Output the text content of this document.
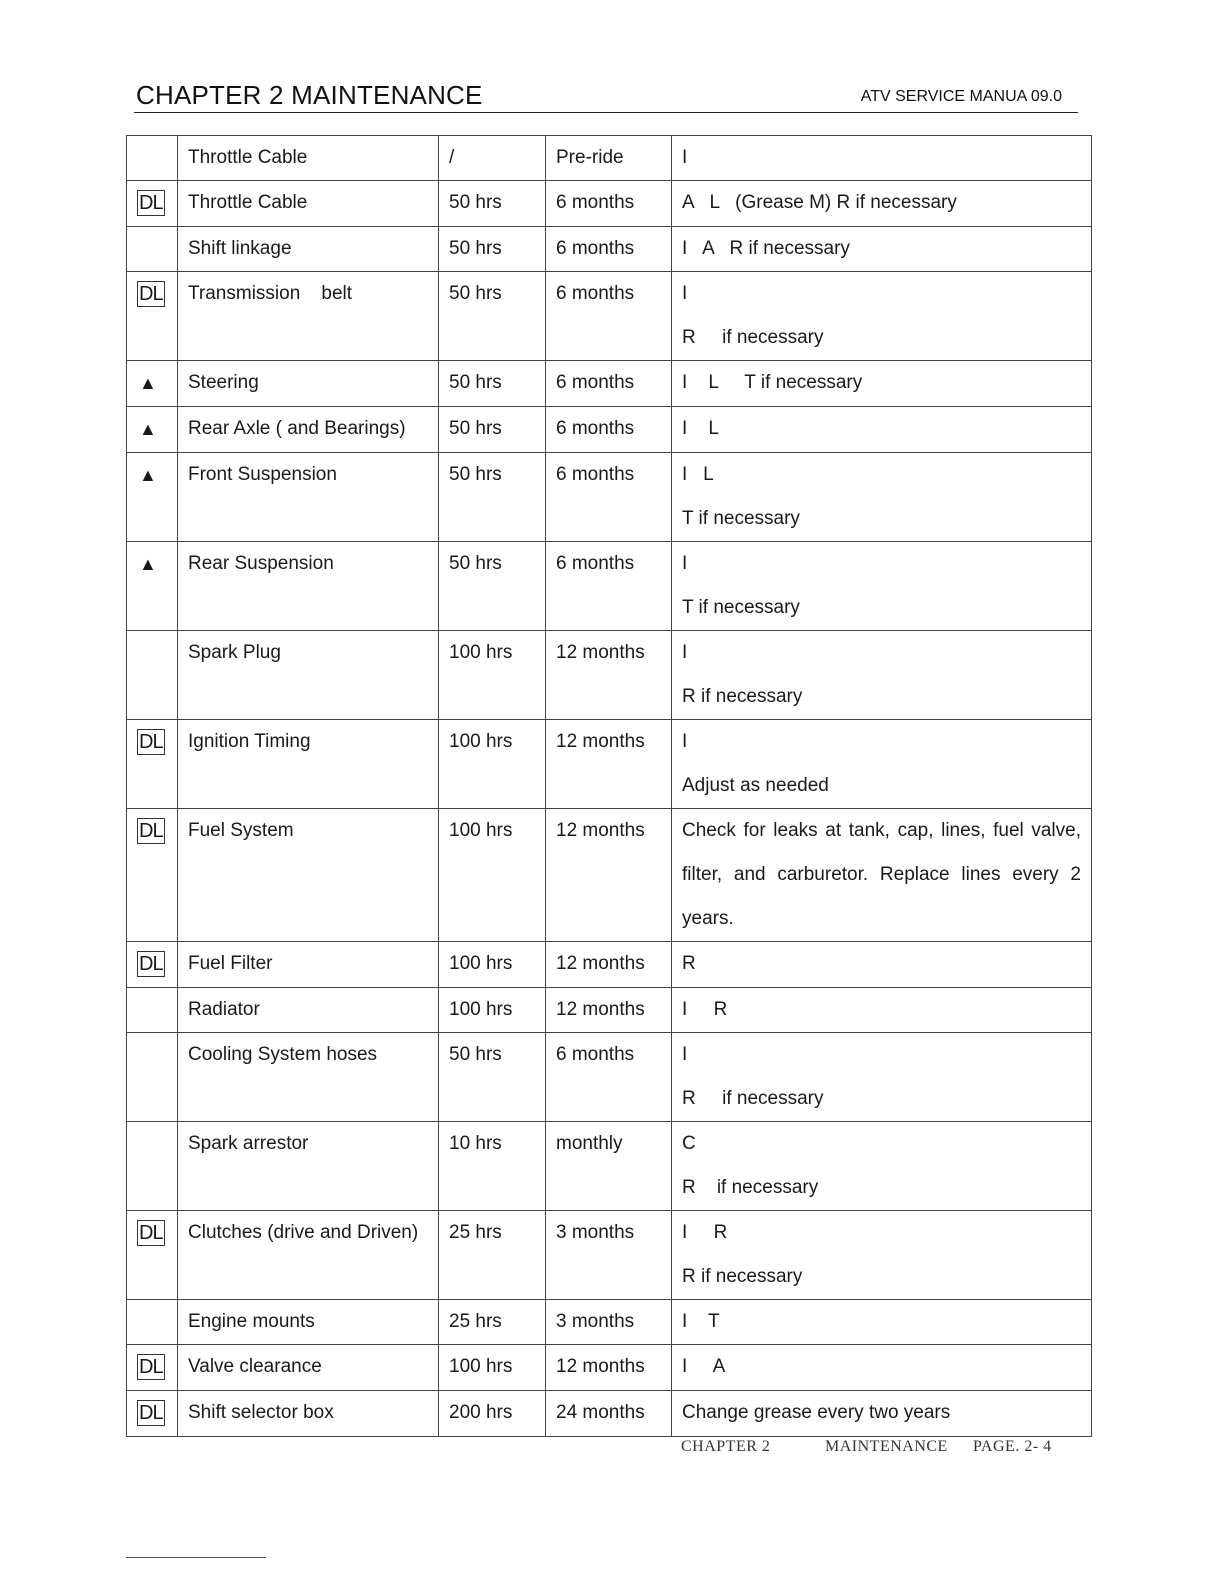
CHAPTER 2 MAINTENANCE	ATV SERVICE MANUA 09.0

	Throttle Cable	/	Pre-ride	I

DL	Throttle Cable	50 hrs	6 months	A   L   (Grease M) R if necessary

	Shift linkage	50 hrs	6 months	I   A   R if necessary

DL	Transmission    belt	50 hrs	6 months	I
R     if necessary

▲	Steering	50 hrs	6 months	I    L     T if necessary

▲	Rear Axle ( and Bearings)	50 hrs	6 months	I    L

▲	Front Suspension	50 hrs	6 months	I   L
T if necessary

▲	Rear Suspension	50 hrs	6 months	I
T if necessary

	Spark Plug	100 hrs	12 months	I
R if necessary

DL	Ignition Timing	100 hrs	12 months	I
Adjust as needed

DL	Fuel System	100 hrs	12 months	Check for leaks at tank, cap, lines, fuel valve, filter, and carburetor. Replace lines every 2 years.

DL	Fuel Filter	100 hrs	12 months	R

	Radiator	100 hrs	12 months	I     R

	Cooling System hoses	50 hrs	6 months	I
R     if necessary

	Spark arrestor	10 hrs	monthly	C
R    if necessary

DL	Clutches (drive and Driven)	25 hrs	3 months	I     R
R if necessary

	Engine mounts	25 hrs	3 months	I    T

DL	Valve clearance	100 hrs	12 months	I     A

DL	Shift selector box	200 hrs	24 months	Change grease every two years
CHAPTER 2	MAINTENANCE PAGE. 2- 4
